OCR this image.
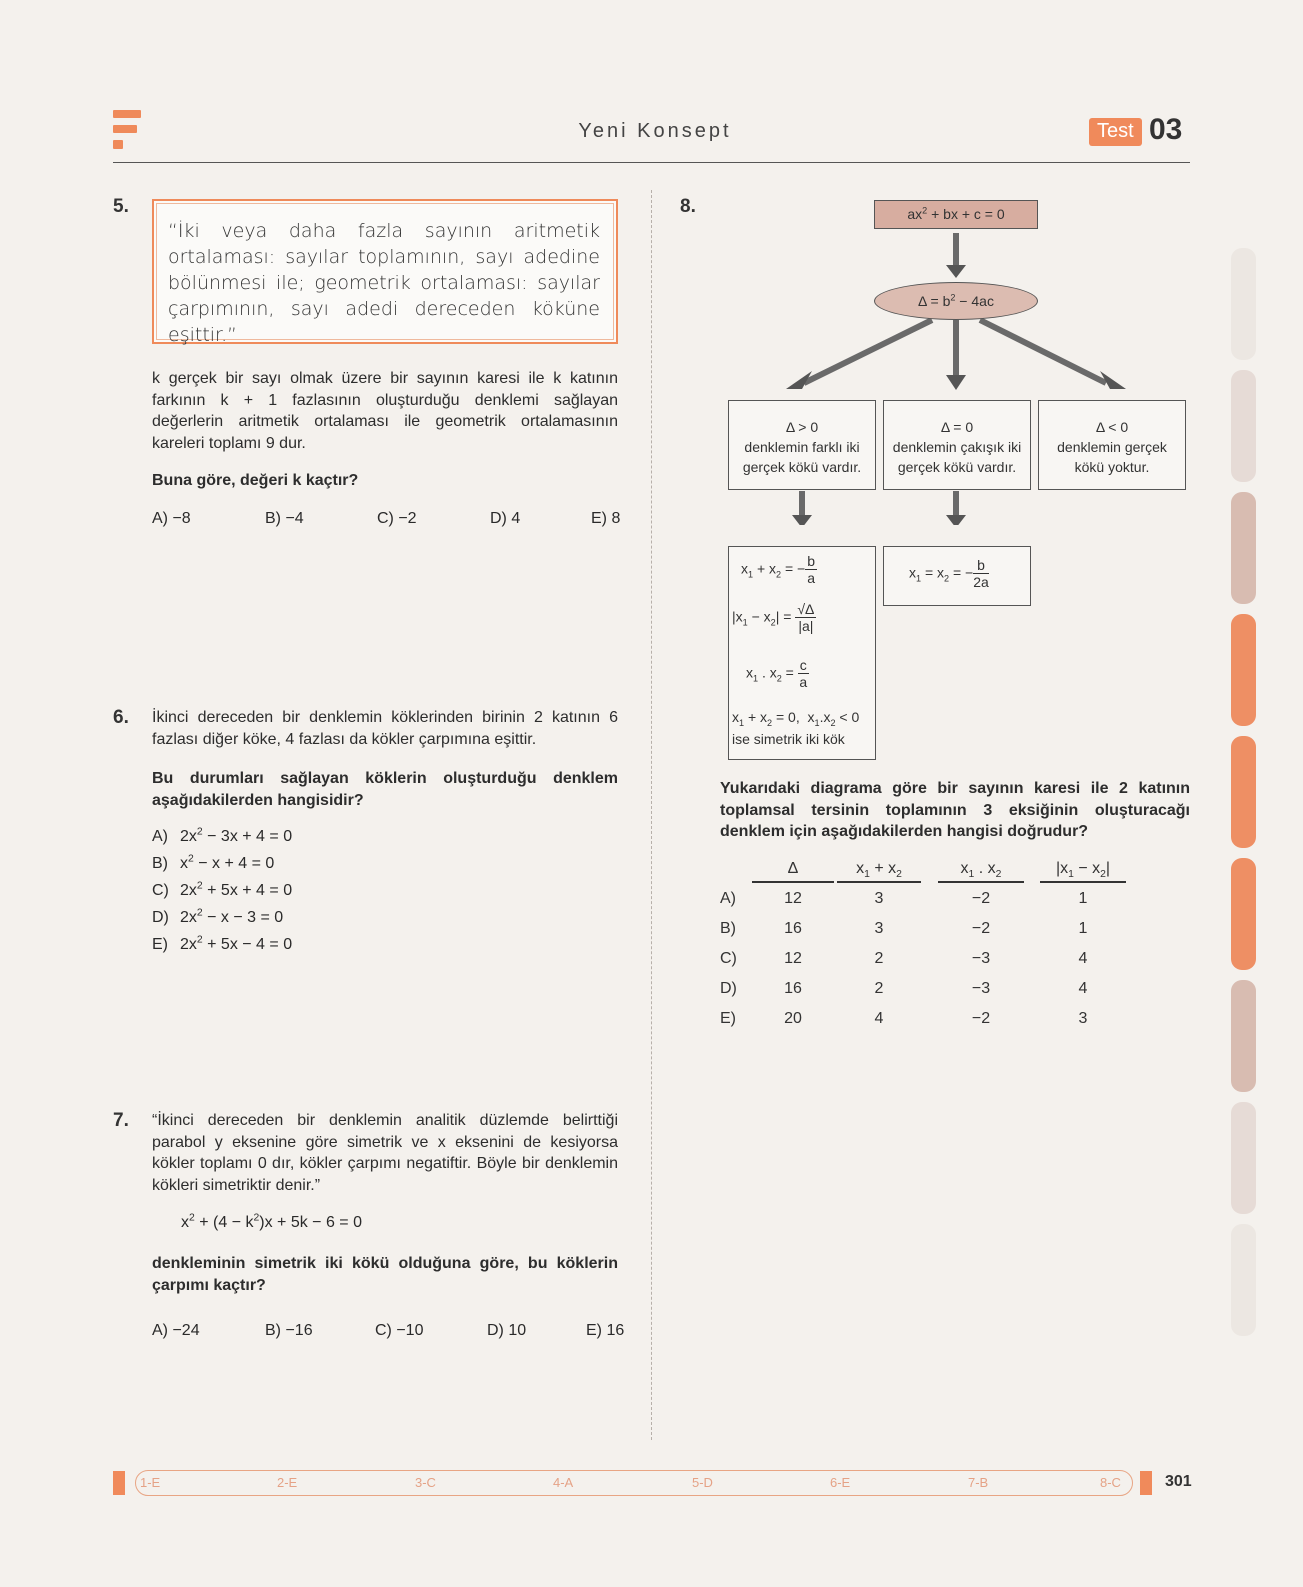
Yeni Konsept	Test 03
5.
“İki veya daha fazla sayının aritmetik ortalaması: sayılar toplamının, sayı adedine bölünmesi ile; geometrik ortalaması: sayılar çarpımının, sayı adedi dereceden köküne eşittir.”
k gerçek bir sayı olmak üzere bir sayının karesi ile k katının farkının k + 1 fazlasının oluşturduğu denklemi sağlayan değerlerin aritmetik ortalaması ile geometrik ortalamasının kareleri toplamı 9 dur.
Buna göre, değeri k kaçtır?
A) −8	B) −4	C) −2	D) 4	E) 8
6. İkinci dereceden bir denklemin köklerinden birinin 2 katının 6 fazlası diğer köke, 4 fazlası da kökler çarpımına eşittir.
Bu durumları sağlayan köklerin oluşturduğu denklem aşağıdakilerden hangisidir?
A) $2x^2 - 3x + 4 = 0$
B) $x^2 - x + 4 = 0$
C) $2x^2 + 5x + 4 = 0$
D) $2x^2 - x - 3 = 0$
E) $2x^2 + 5x - 4 = 0$
7. “İkinci dereceden bir denklemin analitik düzlemde belirttiği parabol y eksenine göre simetrik ve x eksenini de kesiyorsa kökler toplamı 0 dır, kökler çarpımı negatiftir. Böyle bir denklemin kökleri simetriktir denir.”
$x^2 + (4 - k^2)x + 5k - 6 = 0$
denkleminin simetrik iki kökü olduğuna göre, bu köklerin çarpımı kaçtır?
A) −24	B) −16	C) −10	D) 10	E) 16
8.	$ax^2$ + bx + c = 0
$\Delta = b^2 - 4ac$
Δ > 0
denklemin farklı iki gerçek kökü vardır.
Δ = 0
denklemin çakışık iki gerçek kökü vardır.
Δ < 0
denklemin gerçek kökü yoktur.
$x_1 + x_2$ = − $\frac{b}{a}$
$|x_1 - x_2| = \frac{√\Delta}{|a|}$
$x_1$ . $x_2 = \frac{c}{a}$
$x_1 + x_2 = 0$,  $x_1.x_2 < 0$
ise simetrik iki kök
$x_1 = x_2$ = − $\frac{b}{2a}$
Yukarıdaki diagrama göre bir sayının karesi ile 2 katının toplamsal tersinin toplamının 3 eksiğinin oluşturacağı denklem için aşağıdakilerden hangisi doğrudur?
Δ	$x_1 + x_2$	$x_1$ . $x_2$	$|x_1 - x_2|$
A)	12	3	−2	1
B)	16	3	−2	1
C)	12	2	−3	4
D)	16	2	−3	4
E)	20	4	−2	3
1-E	2-E	3-C	4-A	5-D	6-E	7-B	8-C	301
